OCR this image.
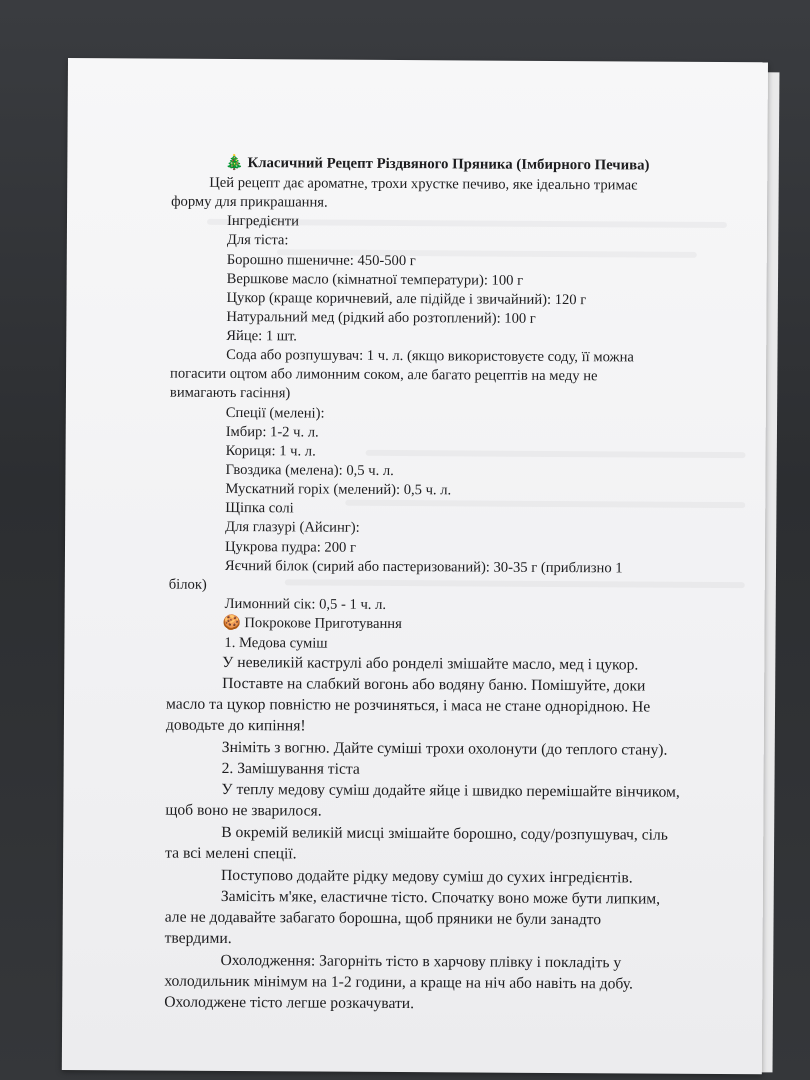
🎄 Класичний Рецепт Різдвяного Пряника (Імбирного Печива)
Цей рецепт дає ароматне, трохи хрустке печиво, яке ідеально тримає
форму для прикрашання.
Інгредієнти
Для тіста:
Борошно пшеничне: 450-500 г
Вершкове масло (кімнатної температури): 100 г
Цукор (краще коричневий, але підійде і звичайний): 120 г
Натуральний мед (рідкий або розтоплений): 100 г
Яйце: 1 шт.
Сода або розпушувач: 1 ч. л. (якщо використовуєте соду, її можна
погасити оцтом або лимонним соком, але багато рецептів на меду не
вимагають гасіння)
Спеції (мелені):
Імбир: 1-2 ч. л.
Кориця: 1 ч. л.
Гвоздика (мелена): 0,5 ч. л.
Мускатний горіх (мелений): 0,5 ч. л.
Щіпка солі
Для глазурі (Айсинг):
Цукрова пудра: 200 г
Яєчний білок (сирий або пастеризований): 30-35 г (приблизно 1
білок)
Лимонний сік: 0,5 - 1 ч. л.
🍪 Покрокове Приготування
1. Медова суміш
У невеликій каструлі або ронделі змішайте масло, мед і цукор.
Поставте на слабкий вогонь або водяну баню. Помішуйте, доки
масло та цукор повністю не розчиняться, і маса не стане однорідною. Не
доводьте до кипіння!
Зніміть з вогню. Дайте суміші трохи охолонути (до теплого стану).
2. Замішування тіста
У теплу медову суміш додайте яйце і швидко перемішайте вінчиком,
щоб воно не зварилося.
В окремій великій мисці змішайте борошно, соду/розпушувач, сіль
та всі мелені спеції.
Поступово додайте рідку медову суміш до сухих інгредієнтів.
Замісіть м'яке, еластичне тісто. Спочатку воно може бути липким,
але не додавайте забагато борошна, щоб пряники не були занадто
твердими.
Охолодження: Загорніть тісто в харчову плівку і покладіть у
холодильник мінімум на 1-2 години, а краще на ніч або навіть на добу.
Охолоджене тісто легше розкачувати.
